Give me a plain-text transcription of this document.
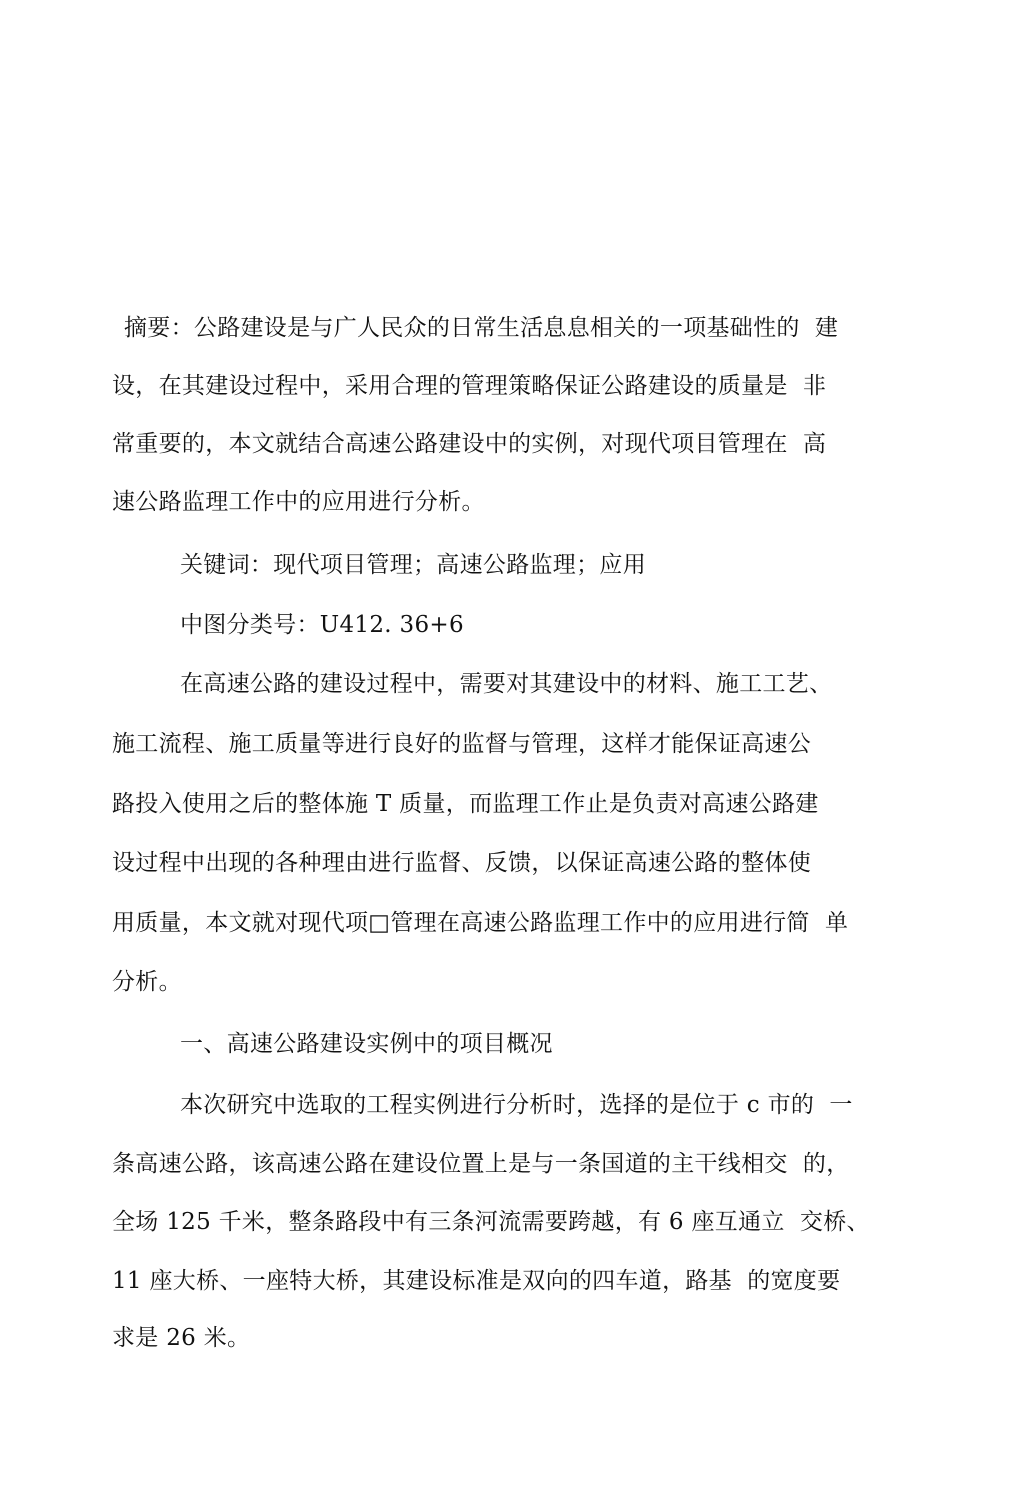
摘要：公路建设是与广人民众的日常生活息息相关的一项基础性的  建
设，在其建设过程中，采用合理的管理策略保证公路建设的质量是  非
常重要的，本文就结合高速公路建设中的实例，对现代项目管理在  高
速公路监理工作中的应用进行分析。
关键词：现代项目管理；高速公路监理；应用
中图分类号：U412. 36+6
在高速公路的建设过程中，需要对其建设中的材料、施工工艺、
施工流程、施工质量等进行良好的监督与管理，这样才能保证高速公
路投入使用之后的整体施 T 质量，而监理工作止是负责对高速公路建
设过程中出现的各种理由进行监督、反馈，以保证高速公路的整体使
用质量，本文就对现代项□管理在高速公路监理工作中的应用进行简  单
分析。
一、高速公路建设实例中的项目概况
本次研究中选取的工程实例进行分析时，选择的是位于 c 市的  一
条高速公路，该高速公路在建设位置上是与一条国道的主干线相交  的，
全场 125 千米，整条路段中有三条河流需要跨越，有 6 座互通立  交桥、
11 座大桥、一座特大桥，其建设标准是双向的四车道，路基  的宽度要
求是 26 米。
